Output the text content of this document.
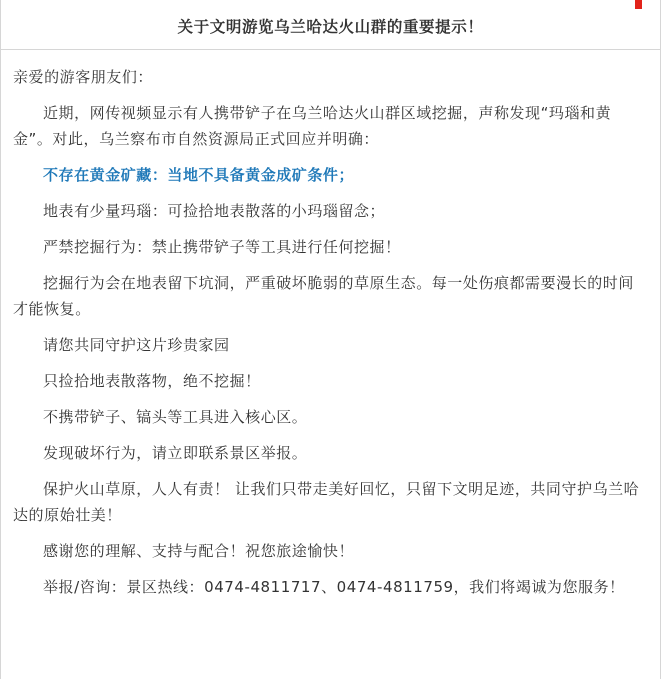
关于文明游览乌兰哈达火山群的重要提示！
亲爱的游客朋友们：
近期，网传视频显示有人携带铲子在乌兰哈达火山群区域挖掘，声称发现“玛瑙和黄金”。对此，乌兰察布市自然资源局正式回应并明确：
不存在黄金矿藏：当地不具备黄金成矿条件；
地表有少量玛瑙：可捡拾地表散落的小玛瑙留念；
严禁挖掘行为：禁止携带铲子等工具进行任何挖掘！
挖掘行为会在地表留下坑洞，严重破坏脆弱的草原生态。每一处伤痕都需要漫长的时间才能恢复。
请您共同守护这片珍贵家园
只捡拾地表散落物，绝不挖掘！
不携带铲子、镐头等工具进入核心区。
发现破坏行为，请立即联系景区举报。
保护火山草原，人人有责！ 让我们只带走美好回忆，只留下文明足迹，共同守护乌兰哈达的原始壮美！
感谢您的理解、支持与配合！祝您旅途愉快！
举报/咨询：景区热线：0474-4811717、0474-4811759，我们将竭诚为您服务！
